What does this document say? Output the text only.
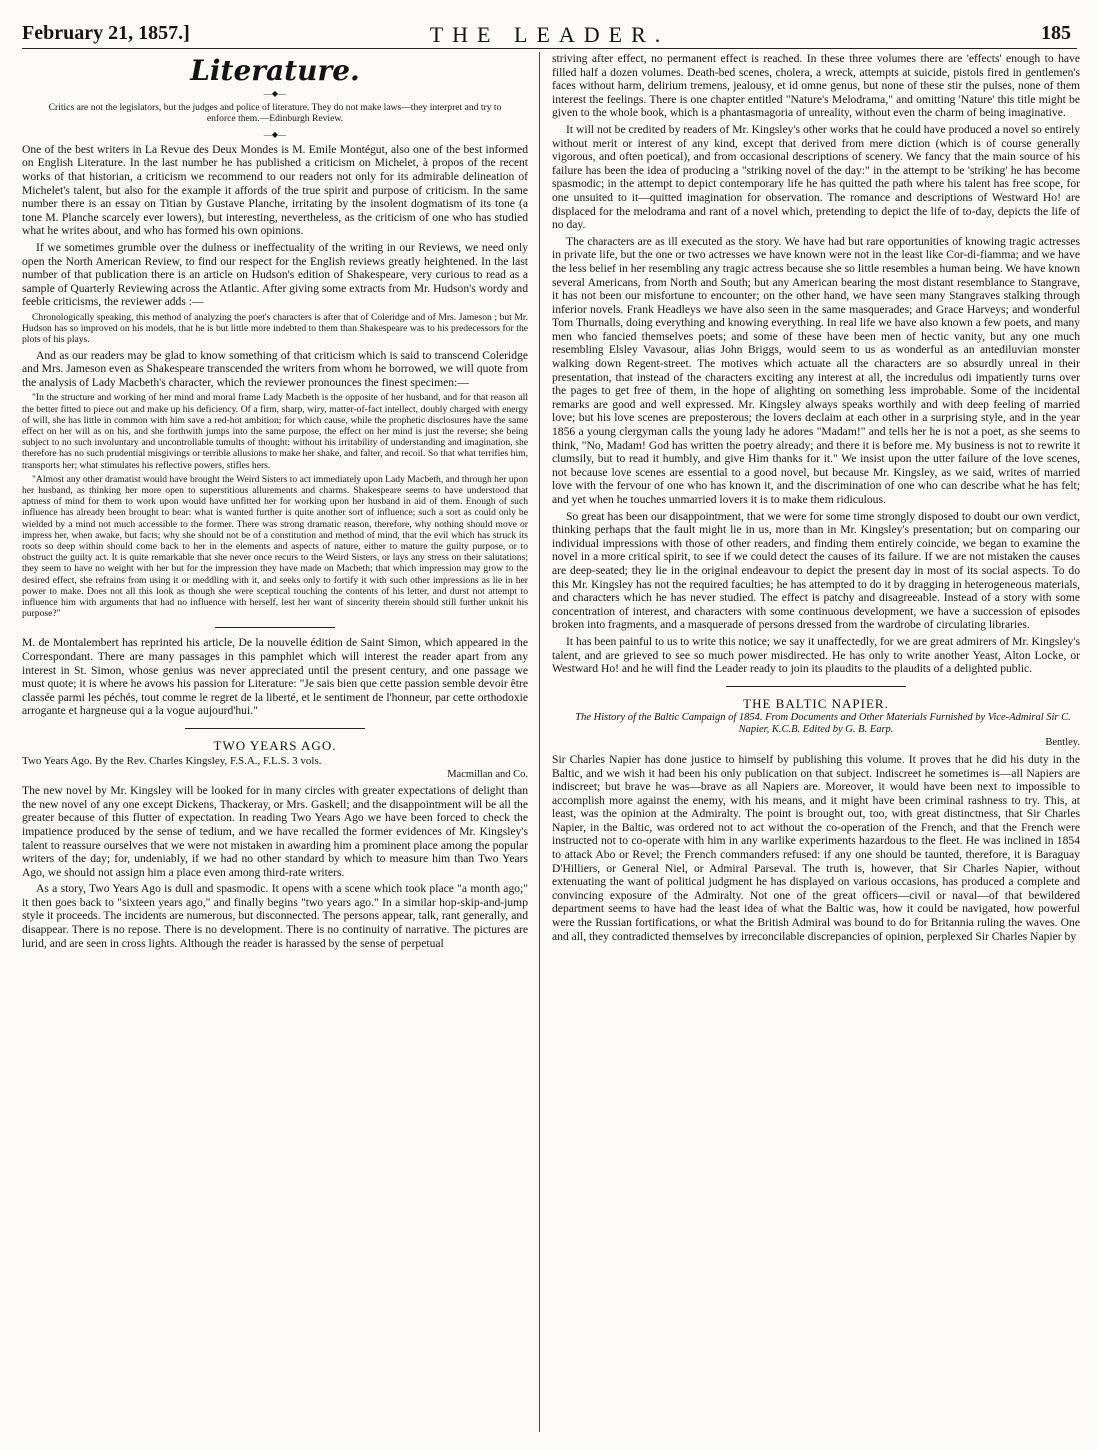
February 21, 1857.]	THE LEADER.	185
Literature.
—◆—
Critics are not the legislators, but the judges and police of literature. They do not make laws—they interpret and try to enforce them.—Edinburgh Review.
—◆—

One of the best writers in La Revue des Deux Mondes is M. Emile Montégut, also one of the best informed on English Literature. In the last number he has published a criticism on Michelet, à propos of the recent works of that historian, a criticism we recommend to our readers not only for its admirable delineation of Michelet's talent, but also for the example it affords of the true spirit and purpose of criticism. In the same number there is an essay on Titian by Gustave Planche, irritating by the insolent dogmatism of its tone (a tone M. Planche scarcely ever lowers), but interesting, nevertheless, as the criticism of one who has studied what he writes about, and who has formed his own opinions.

If we sometimes grumble over the dulness or ineffectuality of the writing in our Reviews, we need only open the North American Review, to find our respect for the English reviews greatly heightened. In the last number of that publication there is an article on Hudson's edition of Shakespeare, very curious to read as a sample of Quarterly Reviewing across the Atlantic. After giving some extracts from Mr. Hudson's wordy and feeble criticisms, the reviewer adds :—

Chronologically speaking, this method of analyzing the poet's characters is after that of Coleridge and of Mrs. Jameson ; but Mr. Hudson has so improved on his models, that he is but little more indebted to them than Shakespeare was to his predecessors for the plots of his plays.

And as our readers may be glad to know something of that criticism which is said to transcend Coleridge and Mrs. Jameson even as Shakespeare transcended the writers from whom he borrowed, we will quote from the analysis of Lady Macbeth's character, which the reviewer pronounces the finest specimen:—

"In the structure and working of her mind and moral frame Lady Macbeth is the opposite of her husband, and for that reason all the better fitted to piece out and make up his deficiency. Of a firm, sharp, wiry, matter-of-fact intellect, doubly charged with energy of will, she has little in common with him save a red-hot ambition; for which cause, while the prophetic disclosures have the same effect on her will as on his, and she forthwith jumps into the same purpose, the effect on her mind is just the reverse; she being subject to no such involuntary and uncontrollable tumults of thought: without his irritability of understanding and imagination, she therefore has no such prudential misgivings or terrible allusions to make her shake, and falter, and recoil. So that what terrifies him, transports her; what stimulates his reflective powers, stifles hers.

"Almost any other dramatist would have brought the Weird Sisters to act immediately upon Lady Macbeth, and through her upon her husband, as thinking her more open to superstitious allurements and charms. Shakespeare seems to have understood that aptness of mind for them to work upon would have unfitted her for working upon her husband in aid of them. Enough of such influence has already been brought to bear: what is wanted further is quite another sort of influence; such a sort as could only be wielded by a mind not much accessible to the former. There was strong dramatic reason, therefore, why nothing should move or impress her, when awake, but facts; why she should not be of a constitution and method of mind, that the evil which has struck its roots so deep within should come back to her in the elements and aspects of nature, either to mature the guilty purpose, or to obstruct the guilty act. It is quite remarkable that she never once recurs to the Weird Sisters, or lays any stress on their salutations; they seem to have no weight with her but for the impression they have made on Macbeth; that which impression may grow to the desired effect, she refrains from using it or meddling with it, and seeks only to fortify it with such other impressions as lie in her power to make. Does not all this look as though she were sceptical touching the contents of his letter, and durst not attempt to influence him with arguments that had no influence with herself, lest her want of sincerity therein should still further unknit his purpose?"

M. de Montalembert has reprinted his article, De la nouvelle édition de Saint Simon, which appeared in the Correspondant. There are many passages in this pamphlet which will interest the reader apart from any interest in St. Simon, whose genius was never appreciated until the present century, and one passage we must quote; it is where he avows his passion for Literature: "Je sais bien que cette passion semble devoir être classée parmi les péchés, tout comme le regret de la liberté, et le sentiment de l'honneur, par cette orthodoxie arrogante et hargneuse qui a la vogue aujourd'hui."

TWO YEARS AGO.

Two Years Ago. By the Rev. Charles Kingsley, F.S.A., F.L.S. 3 vols.

Macmillan and Co.

The new novel by Mr. Kingsley will be looked for in many circles with greater expectations of delight than the new novel of any one except Dickens, Thackeray, or Mrs. Gaskell; and the disappointment will be all the greater because of this flutter of expectation. In reading Two Years Ago we have been forced to check the impatience produced by the sense of tedium, and we have recalled the former evidences of Mr. Kingsley's talent to reassure ourselves that we were not mistaken in awarding him a prominent place among the popular writers of the day; for, undeniably, if we had no other standard by which to measure him than Two Years Ago, we should not assign him a place even among third-rate writers.

As a story, Two Years Ago is dull and spasmodic. It opens with a scene which took place "a month ago;" it then goes back to "sixteen years ago," and finally begins "two years ago." In a similar hop-skip-and-jump style it proceeds. The incidents are numerous, but disconnected. The persons appear, talk, rant generally, and disappear. There is no repose. There is no development. There is no continuity of narrative. The pictures are lurid, and are seen in cross lights. Although the reader is harassed by the sense of perpetual

striving after effect, no permanent effect is reached. In these three volumes there are 'effects' enough to have filled half a dozen volumes. Death-bed scenes, cholera, a wreck, attempts at suicide, pistols fired in gentlemen's faces without harm, delirium tremens, jealousy, et id omne genus, but none of these stir the pulses, none of them interest the feelings. There is one chapter entitled "Nature's Melodrama," and omitting 'Nature' this title might be given to the whole book, which is a phantasmagoria of unreality, without even the charm of being imaginative.

It will not be credited by readers of Mr. Kingsley's other works that he could have produced a novel so entirely without merit or interest of any kind, except that derived from mere diction (which is of course generally vigorous, and often poetical), and from occasional descriptions of scenery. We fancy that the main source of his failure has been the idea of producing a "striking novel of the day:" in the attempt to be 'striking' he has become spasmodic; in the attempt to depict contemporary life he has quitted the path where his talent has free scope, for one unsuited to it—quitted imagination for observation. The romance and descriptions of Westward Ho! are displaced for the melodrama and rant of a novel which, pretending to depict the life of to-day, depicts the life of no day.

The characters are as ill executed as the story. We have had but rare opportunities of knowing tragic actresses in private life, but the one or two actresses we have known were not in the least like Cor-di-fiamma; and we have the less belief in her resembling any tragic actress because she so little resembles a human being. We have known several Americans, from North and South; but any American bearing the most distant resemblance to Stangrave, it has not been our misfortune to encounter; on the other hand, we have seen many Stangraves stalking through inferior novels. Frank Headleys we have also seen in the same masquerades; and Grace Harveys; and wonderful Tom Thurnalls, doing everything and knowing everything. In real life we have also known a few poets, and many men who fancied themselves poets; and some of these have been men of hectic vanity, but any one much resembling Elsley Vavasour, alias John Briggs, would seem to us as wonderful as an antediluvian monster walking down Regent-street. The motives which actuate all the characters are so absurdly unreal in their presentation, that instead of the characters exciting any interest at all, the incredulus odi impatiently turns over the pages to get free of them, in the hope of alighting on something less improbable. Some of the incidental remarks are good and well expressed. Mr. Kingsley always speaks worthily and with deep feeling of married love; but his love scenes are preposterous; the lovers declaim at each other in a surprising style, and in the year 1856 a young clergyman calls the young lady he adores "Madam!" and tells her he is not a poet, as she seems to think, "No, Madam! God has written the poetry already; and there it is before me. My business is not to rewrite it clumsily, but to read it humbly, and give Him thanks for it." We insist upon the utter failure of the love scenes, not because love scenes are essential to a good novel, but because Mr. Kingsley, as we said, writes of married love with the fervour of one who has known it, and the discrimination of one who can describe what he has felt; and yet when he touches unmarried lovers it is to make them ridiculous.

So great has been our disappointment, that we were for some time strongly disposed to doubt our own verdict, thinking perhaps that the fault might lie in us, more than in Mr. Kingsley's presentation; but on comparing our individual impressions with those of other readers, and finding them entirely coincide, we began to examine the novel in a more critical spirit, to see if we could detect the causes of its failure. If we are not mistaken the causes are deep-seated; they lie in the original endeavour to depict the present day in most of its social aspects. To do this Mr. Kingsley has not the required faculties; he has attempted to do it by dragging in heterogeneous materials, and characters which he has never studied. The effect is patchy and disagreeable. Instead of a story with some concentration of interest, and characters with some continuous development, we have a succession of episodes broken into fragments, and a masquerade of persons dressed from the wardrobe of circulating libraries.

It has been painful to us to write this notice; we say it unaffectedly, for we are great admirers of Mr. Kingsley's talent, and are grieved to see so much power misdirected. He has only to write another Yeast, Alton Locke, or Westward Ho! and he will find the Leader ready to join its plaudits to the plaudits of a delighted public.

THE BALTIC NAPIER.

The History of the Baltic Campaign of 1854. From Documents and Other Materials Furnished by Vice-Admiral Sir C. Napier, K.C.B. Edited by G. B. Earp.

Bentley.

Sir Charles Napier has done justice to himself by publishing this volume. It proves that he did his duty in the Baltic, and we wish it had been his only publication on that subject. Indiscreet he sometimes is—all Napiers are indiscreet; but brave he was—brave as all Napiers are. Moreover, it would have been next to impossible to accomplish more against the enemy, with his means, and it might have been criminal rashness to try. This, at least, was the opinion at the Admiralty. The point is brought out, too, with great distinctness, that Sir Charles Napier, in the Baltic, was ordered not to act without the co-operation of the French, and that the French were instructed not to co-operate with him in any warlike experiments hazardous to the fleet. He was inclined in 1854 to attack Abo or Revel; the French commanders refused: if any one should be taunted, therefore, it is Baraguay D'Hilliers, or General Niel, or Admiral Parseval. The truth is, however, that Sir Charles Napier, without extenuating the want of political judgment he has displayed on various occasions, has produced a complete and convincing exposure of the Admiralty. Not one of the great officers—civil or naval—of that bewildered department seems to have had the least idea of what the Baltic was, how it could be navigated, how powerful were the Russian fortifications, or what the British Admiral was bound to do for Britannia ruling the waves. One and all, they contradicted themselves by irreconcilable discrepancies of opinion, perplexed Sir Charles Napier by
